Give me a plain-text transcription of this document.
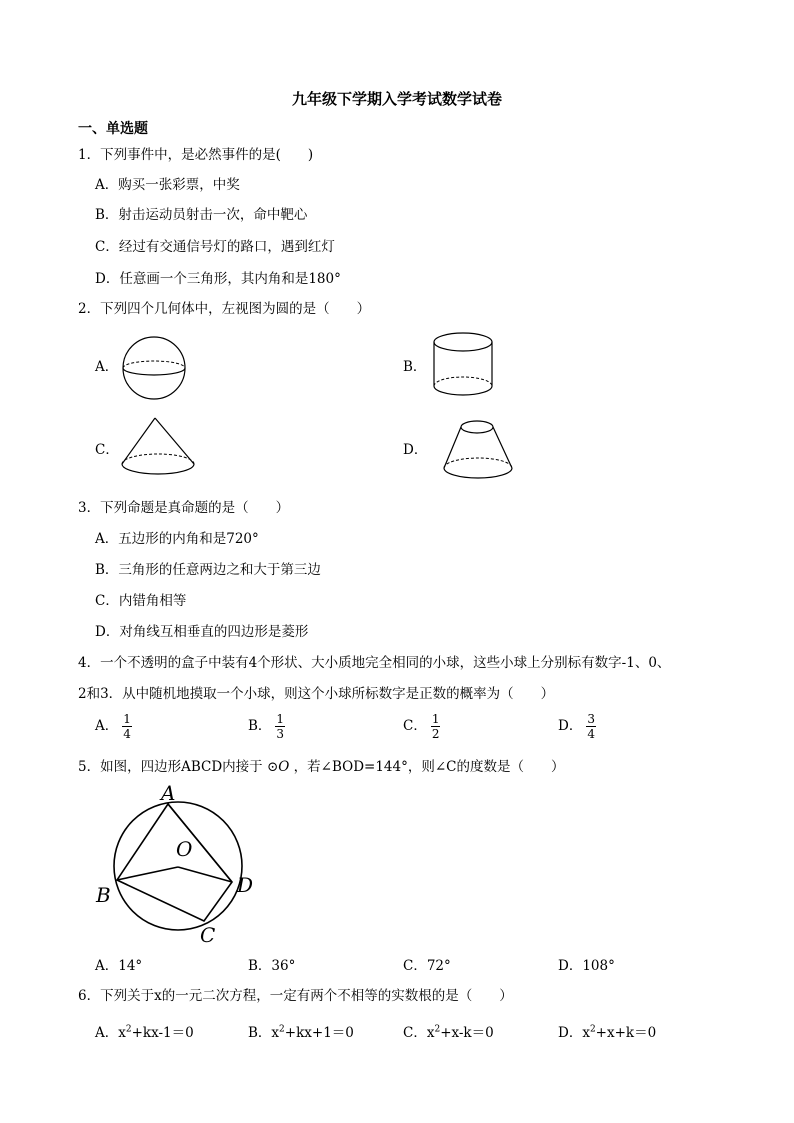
九年级下学期入学考试数学试卷
一、单选题
1．下列事件中，是必然事件的是(　　)
A．购买一张彩票，中奖
B．射击运动员射击一次，命中靶心
C．经过有交通信号灯的路口，遇到红灯
D．任意画一个三角形，其内角和是180°
2．下列四个几何体中，左视图为圆的是（　　）
A．	B．
C．	D．
3．下列命题是真命题的是（　　）
A．五边形的内角和是720°
B．三角形的任意两边之和大于第三边
C．内错角相等
D．对角线互相垂直的四边形是菱形
4．一个不透明的盒子中装有4个形状、大小质地完全相同的小球，这些小球上分别标有数字-1、0、
2和3．从中随机地摸取一个小球，则这个小球所标数字是正数的概率为（　　）
A． $\frac{1}{4}$	B． $\frac{1}{3}$	C． $\frac{1}{2}$	D． $\frac{3}{4}$
5．如图，四边形ABCD内接于 ⊙O ，若∠BOD=144°，则∠C的度数是（　　）
A
O
B	D
C
A．14°	B．36°	C．72°	D．108°
6．下列关于x的一元二次方程，一定有两个不相等的实数根的是（　　）
A．$x^2+kx-1=0$	B．$x^2+kx+1=0$	C．$x^2+x-k=0$	D．$x^2+x+k=0$
